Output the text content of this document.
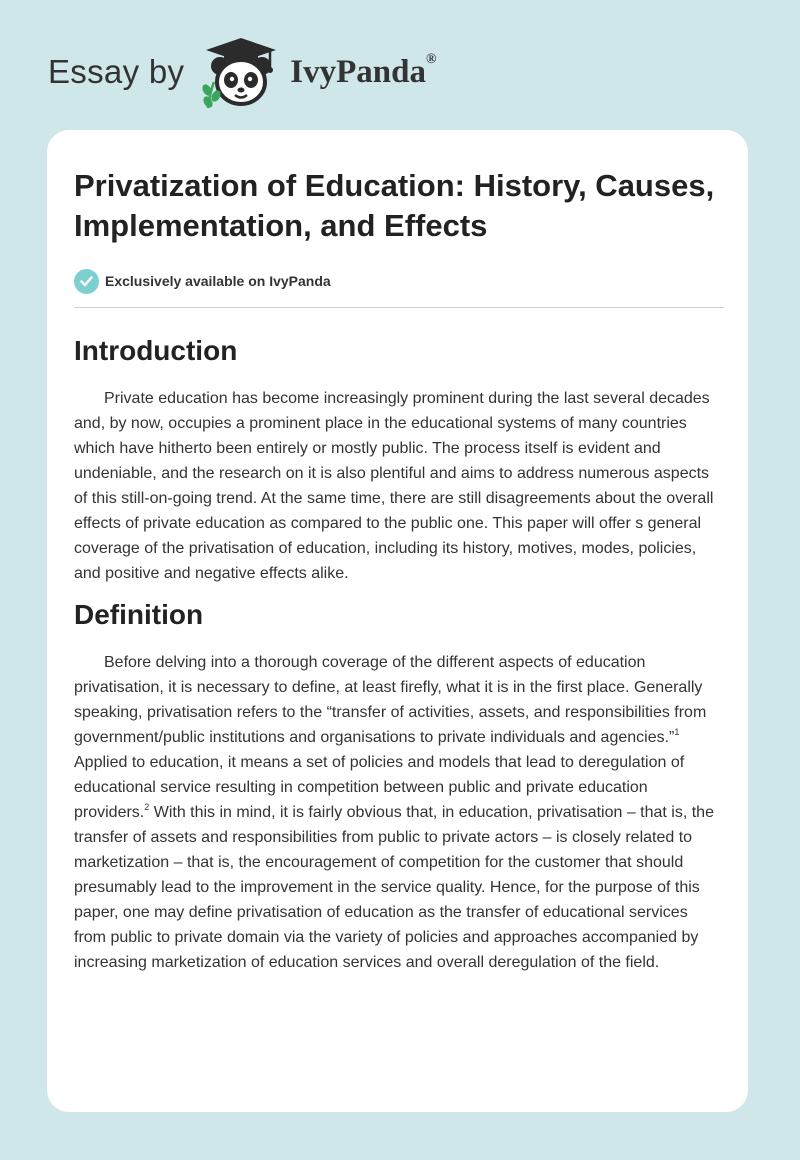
Essay by	IvyPanda®
Privatization of Education: History, Causes, Implementation, and Effects
Exclusively available on IvyPanda
Introduction

Private education has become increasingly prominent during the last several decades and, by now, occupies a prominent place in the educational systems of many countries which have hitherto been entirely or mostly public. The process itself is evident and undeniable, and the research on it is also plentiful and aims to address numerous aspects of this still-on-going trend. At the same time, there are still disagreements about the overall effects of private education as compared to the public one. This paper will offer s general coverage of the privatisation of education, including its history, motives, modes, policies, and positive and negative effects alike.

Definition

Before delving into a thorough coverage of the different aspects of education privatisation, it is necessary to define, at least firefly, what it is in the first place. Generally speaking, privatisation refers to the “transfer of activities, assets, and responsibilities from government/public institutions and organisations to private individuals and agencies.”$^1$ Applied to education, it means a set of policies and models that lead to deregulation of educational service resulting in competition between public and private education providers.$^2$ With this in mind, it is fairly obvious that, in education, privatisation – that is, the transfer of assets and responsibilities from public to private actors – is closely related to marketization – that is, the encouragement of competition for the customer that should presumably lead to the improvement in the service quality. Hence, for the purpose of this paper, one may define privatisation of education as the transfer of educational services from public to private domain via the variety of policies and approaches accompanied by increasing marketization of education services and overall deregulation of the field.
